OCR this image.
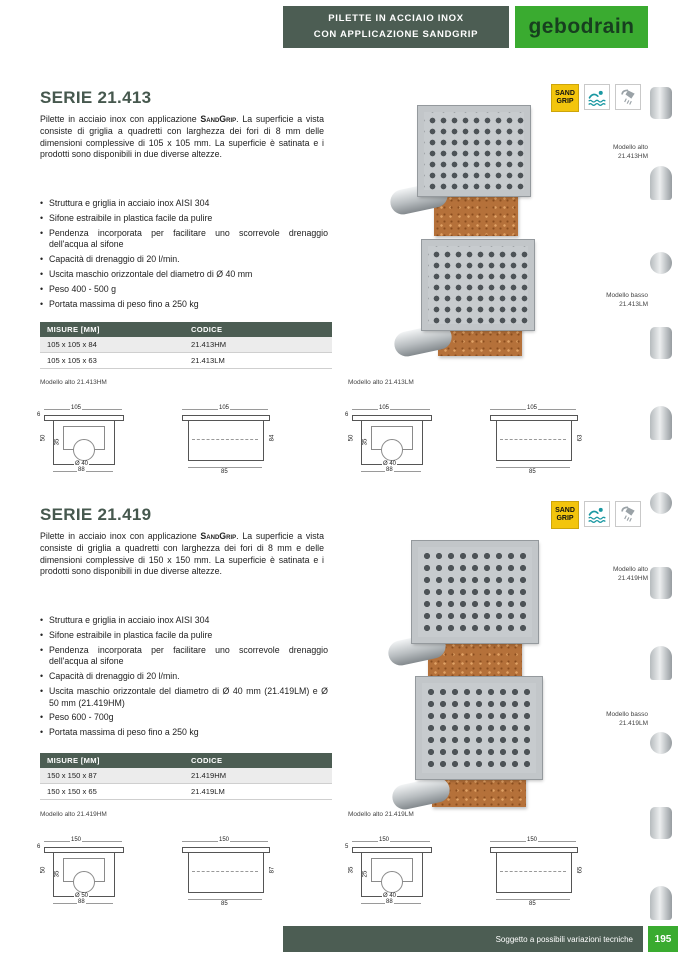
PILETTE IN ACCIAIO INOX
CON APPLICAZIONE SANDGRIP	gebodrain
SERIE 21.413	SAND
GRIP

Pilette in acciaio inox con applicazione SandGrip. La superficie a vista consiste di griglia a quadretti con larghezza dei fori di 8 mm delle dimensioni complessive di 105 x 105 mm. La superficie è satinata e i prodotti sono disponibili in due diverse altezze.

• Struttura e griglia in acciaio inox AISI 304
• Sifone estraibile in plastica facile da pulire
• Pendenza incorporata per facilitare uno scorrevole drenaggio dell'acqua al sifone
• Capacità di drenaggio di 20 l/min.
• Uscita maschio orizzontale del diametro di Ø 40 mm
• Peso 400 - 500 g
• Portata massima di peso fino a 250 kg
MISURE [MM]	CODICE
105 x 105 x 84	21.413HM
105 x 105 x 63	21.413LM
Modello alto 21.413HM	Modello alto 21.413LM
105
6
50
35
Ø 40
88
105
84
85
105
6
50
35
Ø 40
88
105
63
85
Modello alto
21.413HM
Modello basso
21.413LM
SERIE 21.419	SAND
GRIP

Pilette in acciaio inox con applicazione SandGrip. La superficie a vista consiste di griglia a quadretti con larghezza dei fori di 8 mm e delle dimensioni complessive di 150 x 150 mm. La superficie è satinata e i prodotti sono disponibili in due diverse altezze.

• Struttura e griglia in acciaio inox AISI 304
• Sifone estraibile in plastica facile da pulire
• Pendenza incorporata per facilitare uno scorrevole drenaggio dell'acqua al sifone
• Capacità di drenaggio di 20 l/min.
• Uscita maschio orizzontale del diametro di Ø 40 mm (21.419LM) e Ø 50 mm (21.419HM)
• Peso 600 - 700g
• Portata massima di peso fino a 250 kg
MISURE [MM]	CODICE
150 x 150 x 87	21.419HM
150 x 150 x 65	21.419LM
Modello alto 21.419HM	Modello alto 21.419LM
150
6
50
35
Ø 50
88
150
87
85
150
5
35
25
Ø 40
88
150
65
85
Modello alto
21.419HM
Modello basso
21.419LM
Soggetto a possibili variazioni tecniche	195
